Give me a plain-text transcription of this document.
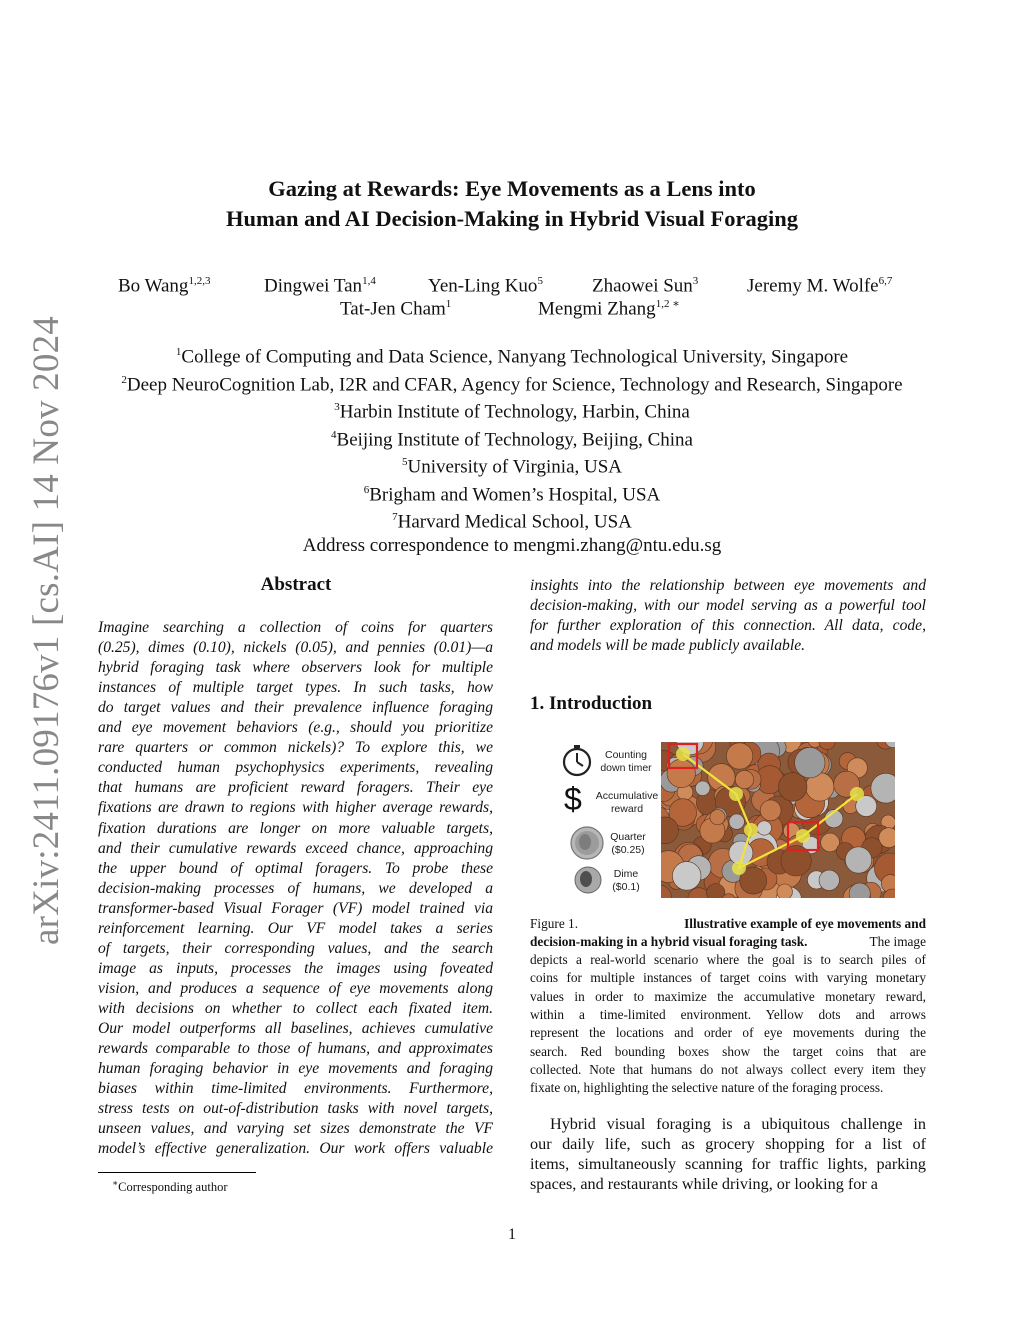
arXiv:2411.09176v1 [cs.AI] 14 Nov 2024
Gazing at Rewards: Eye Movements as a Lens into
Human and AI Decision-Making in Hybrid Visual Foraging
Bo Wang$^{1,2,3}$	Dingwei Tan$^{1,4}$	Yen-Ling Kuo$^5$	Zhaowei Sun$^3$	Jeremy M. Wolfe$^{6,7}$
Tat-Jen Cham$^1$	Mengmi Zhang$^{1,2 ∗}$
$^1$College of Computing and Data Science, Nanyang Technological University, Singapore
$^2$Deep NeuroCognition Lab, I2R and CFAR, Agency for Science, Technology and Research, Singapore
$^3$Harbin Institute of Technology, Harbin, China
$^4$Beijing Institute of Technology, Beijing, China
$^5$University of Virginia, USA
$^6$Brigham and Women’s Hospital, USA
$^7$Harvard Medical School, USA
Address correspondence to mengmi.zhang@ntu.edu.sg
Abstract
Imagine searching a collection of coins for quarters
(0.25), dimes (0.10), nickels (0.05), and pennies (0.01)—a
hybrid foraging task where observers look for multiple
instances of multiple target types. In such tasks, how
do target values and their prevalence influence foraging
and eye movement behaviors (e.g., should you prioritize
rare quarters or common nickels)? To explore this, we
conducted human psychophysics experiments, revealing
that humans are proficient reward foragers. Their eye
fixations are drawn to regions with higher average rewards,
fixation durations are longer on more valuable targets,
and their cumulative rewards exceed chance, approaching
the upper bound of optimal foragers. To probe these
decision-making processes of humans, we developed a
transformer-based Visual Forager (VF) model trained via
reinforcement learning. Our VF model takes a series
of targets, their corresponding values, and the search
image as inputs, processes the images using foveated
vision, and produces a sequence of eye movements along
with decisions on whether to collect each fixated item.
Our model outperforms all baselines, achieves cumulative
rewards comparable to those of humans, and approximates
human foraging behavior in eye movements and foraging
biases within time-limited environments. Furthermore,
stress tests on out-of-distribution tasks with novel targets,
unseen values, and varying set sizes demonstrate the VF
model’s effective generalization. Our work offers valuable
insights into the relationship between eye movements and
decision-making, with our model serving as a powerful tool
for further exploration of this connection. All data, code,
and models will be made publicly available.
1. Introduction
Counting
down timer
$	Accumulative
reward
Quarter
($0.25)
Dime
($0.1)
Figure 1.	Illustrative example of eye movements and
decision-making in a hybrid visual foraging task.	The image
depicts a real-world scenario where the goal is to search piles of
coins for multiple instances of target coins with varying monetary
values in order to maximize the accumulative monetary reward,
within a time-limited environment. Yellow dots and arrows
represent the locations and order of eye movements during the
search. Red bounding boxes show the target coins that are
collected. Note that humans do not always collect every item they
fixate on, highlighting the selective nature of the foraging process.
Hybrid visual foraging is a ubiquitous challenge in
our daily life, such as grocery shopping for a list of
items, simultaneously scanning for traffic lights, parking
spaces, and restaurants while driving, or looking for a
∗Corresponding author
1
